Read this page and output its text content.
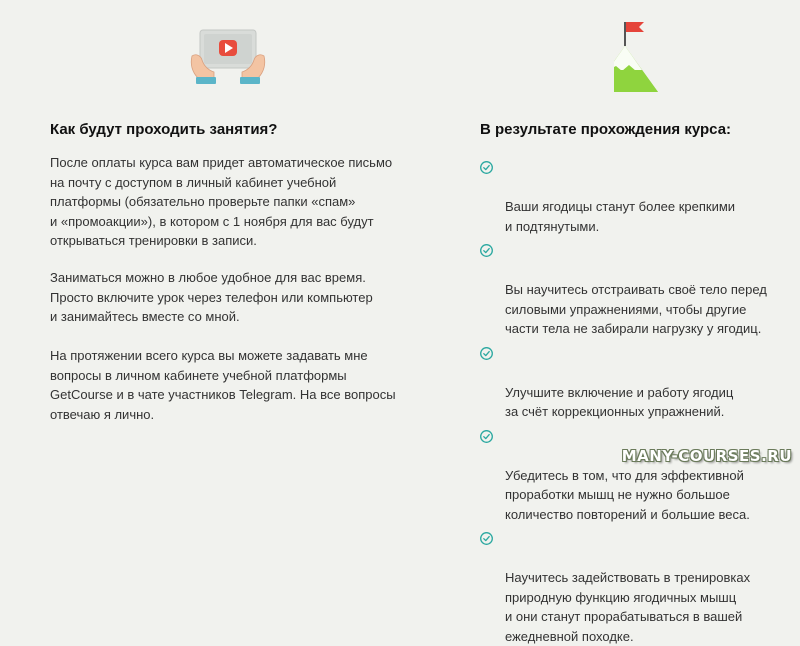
Как будут проходить занятия?
После оплаты курса вам придет автоматическое письмо
на почту с доступом в личный кабинет учебной
платформы (обязательно проверьте папки «спам»
и «промоакции»), в котором с 1 ноября для вас будут
открываться тренировки в записи.
Заниматься можно в любое удобное для вас время.
Просто включите урок через телефон или компьютер
и занимайтесь вместе со мной.
На протяжении всего курса вы можете задавать мне
вопросы в личном кабинете учебной платформы
GetCourse и в чате участников Telegram. На все вопросы
отвечаю я лично.
В результате прохождения курса:

Ваши ягодицы станут более крепкими
и подтянутыми.

Вы научитесь отстраивать своё тело перед
силовыми упражнениями, чтобы другие
части тела не забирали нагрузку у ягодиц.

Улучшите включение и работу ягодиц
за счёт коррекционных упражнений.

Убедитесь в том, что для эффективной
проработки мышц не нужно большое
количество повторений и большие веса.

Научитесь задействовать в тренировках
природную функцию ягодичных мышц
и они станут прорабатываться в вашей
ежедневной походке.

MANY-COURSES.RU
